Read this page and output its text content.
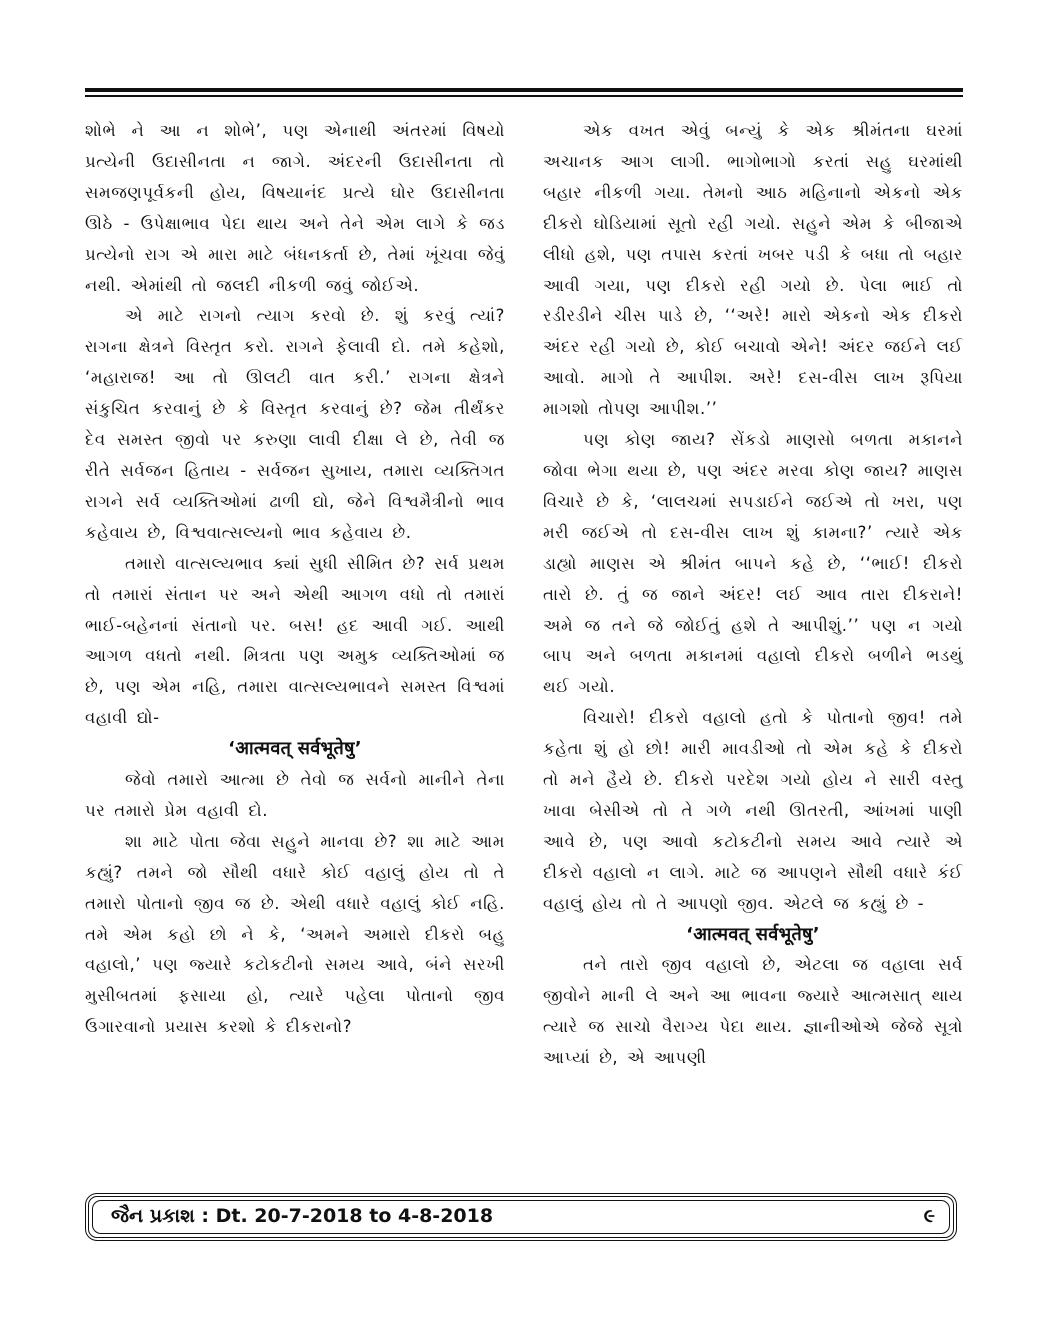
શોભે ને આ ન શોભે’, પણ એનાથી અંતરમાં વિષયો પ્રત્યેની ઉદાસીનતા ન જાગે. અંદરની ઉદાસીનતા તો સમજણપૂર્વકની હોય, વિષયાનંદ પ્રત્યે ઘોર ઉદાસીનતા ઊઠે - ઉપેક્ષાભાવ પેદા થાય અને તેને એમ લાગે કે જડ પ્રત્યેનો રાગ એ મારા માટે બંધનકર્તા છે, તેમાં ખૂંચવા જેવું નથી. એમાંથી તો જલદી નીકળી જવું જોઈએ.

એ માટે રાગનો ત્યાગ કરવો છે. શું કરવું ત્યાં? રાગના ક્ષેત્રને વિસ્તૃત કરો. રાગને ફેલાવી દો. તમે કહેશો, ‘મહારાજ! આ તો ઊલટી વાત કરી.’ રાગના ક્ષેત્રને સંકુચિત કરવાનું છે કે વિસ્તૃત કરવાનું છે? જેમ તીર્થંકર દેવ સમસ્ત જીવો પર કરુણા લાવી દીક્ષા લે છે, તેવી જ રીતે સર્વજન હિતાય - સર્વજન સુખાય, તમારા વ્યક્તિગત રાગને સર્વ વ્યક્તિઓમાં ઢાળી દ્યો, જેને વિશ્વમૈત્રીનો ભાવ કહેવાય છે, વિશ્વવાત્સલ્યનો ભાવ કહેવાય છે.

તમારો વાત્સલ્યભાવ ક્યાં સુધી સીમિત છે? સર્વ પ્રથમ તો તમારાં સંતાન પર અને એથી આગળ વધો તો તમારાં ભાઈ-બહેનનાં સંતાનો પર. બસ! હદ આવી ગઈ. આથી આગળ વધતો નથી. મિત્રતા પણ અમુક વ્યક્તિઓમાં જ છે, પણ એમ નહિ, તમારા વાત્સલ્યભાવને સમસ્ત વિશ્વમાં વહાવી દ્યો-

‘आत्मवत् सर्वभूतेषु’

જેવો તમારો આત્મા છે તેવો જ સર્વનો માનીને તેના પર તમારો પ્રેમ વહાવી દો.

શા માટે પોતા જેવા સહુને માનવા છે? શા માટે આમ કહ્યું? તમને જો સૌથી વધારે કોઈ વહાલું હોય તો તે તમારો પોતાનો જીવ જ છે. એથી વધારે વહાલું કોઈ નહિ. તમે એમ કહો છો ને કે, ‘અમને અમારો દીકરો બહુ વહાલો,’ પણ જ્યારે કટોકટીનો સમય આવે, બંને સરખી મુસીબતમાં ફસાયા હો, ત્યારે પહેલા પોતાનો જીવ ઉગારવાનો પ્રયાસ કરશો કે દીકરાનો?

એક વખત એવું બન્યું કે એક શ્રીમંતના ઘરમાં અચાનક આગ લાગી. ભાગોભાગો કરતાં સહુ ઘરમાંથી બહાર નીકળી ગયા. તેમનો આઠ મહિનાનો એકનો એક દીકરો ઘોડિયામાં સૂતો રહી ગયો. સહુને એમ કે બીજાએ લીધો હશે, પણ તપાસ કરતાં ખબર પડી કે બધા તો બહાર આવી ગયા, પણ દીકરો રહી ગયો છે. પેલા ભાઈ તો રડીરડીને ચીસ પાડે છે, ‘‘અરે! મારો એકનો એક દીકરો અંદર રહી ગયો છે, કોઈ બચાવો એને! અંદર જઈને લઈ આવો. માગો તે આપીશ. અરે! દસ-વીસ લાખ રૂપિયા માગશો તોપણ આપીશ.’’

પણ કોણ જાય? સેંકડો માણસો બળતા મકાનને જોવા ભેગા થયા છે, પણ અંદર મરવા કોણ જાય? માણસ વિચારે છે કે, ‘લાલચમાં સપડાઈને જઈએ તો ખરા, પણ મરી જઈએ તો દસ-વીસ લાખ શું કામના?’ ત્યારે એક ડાહ્યો માણસ એ શ્રીમંત બાપને કહે છે, ‘‘ભાઈ! દીકરો તારો છે. તું જ જાને અંદર! લઈ આવ તારા દીકરાને! અમે જ તને જે જોઈતું હશે તે આપીશું.’’ પણ ન ગયો બાપ અને બળતા મકાનમાં વહાલો દીકરો બળીને ભડથું થઈ ગયો.

વિચારો! દીકરો વહાલો હતો કે પોતાનો જીવ! તમે કહેતા શું હો છો! મારી માવડીઓ તો એમ કહે કે દીકરો તો મને હૈયે છે. દીકરો પરદેશ ગયો હોય ને સારી વસ્તુ ખાવા બેસીએ તો તે ગળે નથી ઊતરતી, આંખમાં પાણી આવે છે, પણ આવો કટોકટીનો સમય આવે ત્યારે એ દીકરો વહાલો ન લાગે. માટે જ આપણને સૌથી વધારે કંઈ વહાલું હોય તો તે આપણો જીવ. એટલે જ કહ્યું છે -

‘आत्मवत् सर्वभूतेषु’

તને તારો જીવ વહાલો છે, એટલા જ વહાલા સર્વ જીવોને માની લે અને આ ભાવના જ્યારે આત્મસાત્ થાય ત્યારે જ સાચો વૈરાગ્ય પેદા થાય. જ્ઞાનીઓએ જેજે સૂત્રો આપ્યાં છે, એ આપણી

જૈન પ્રકાશ : Dt. 20-7-2018 to 4-8-2018	૯
